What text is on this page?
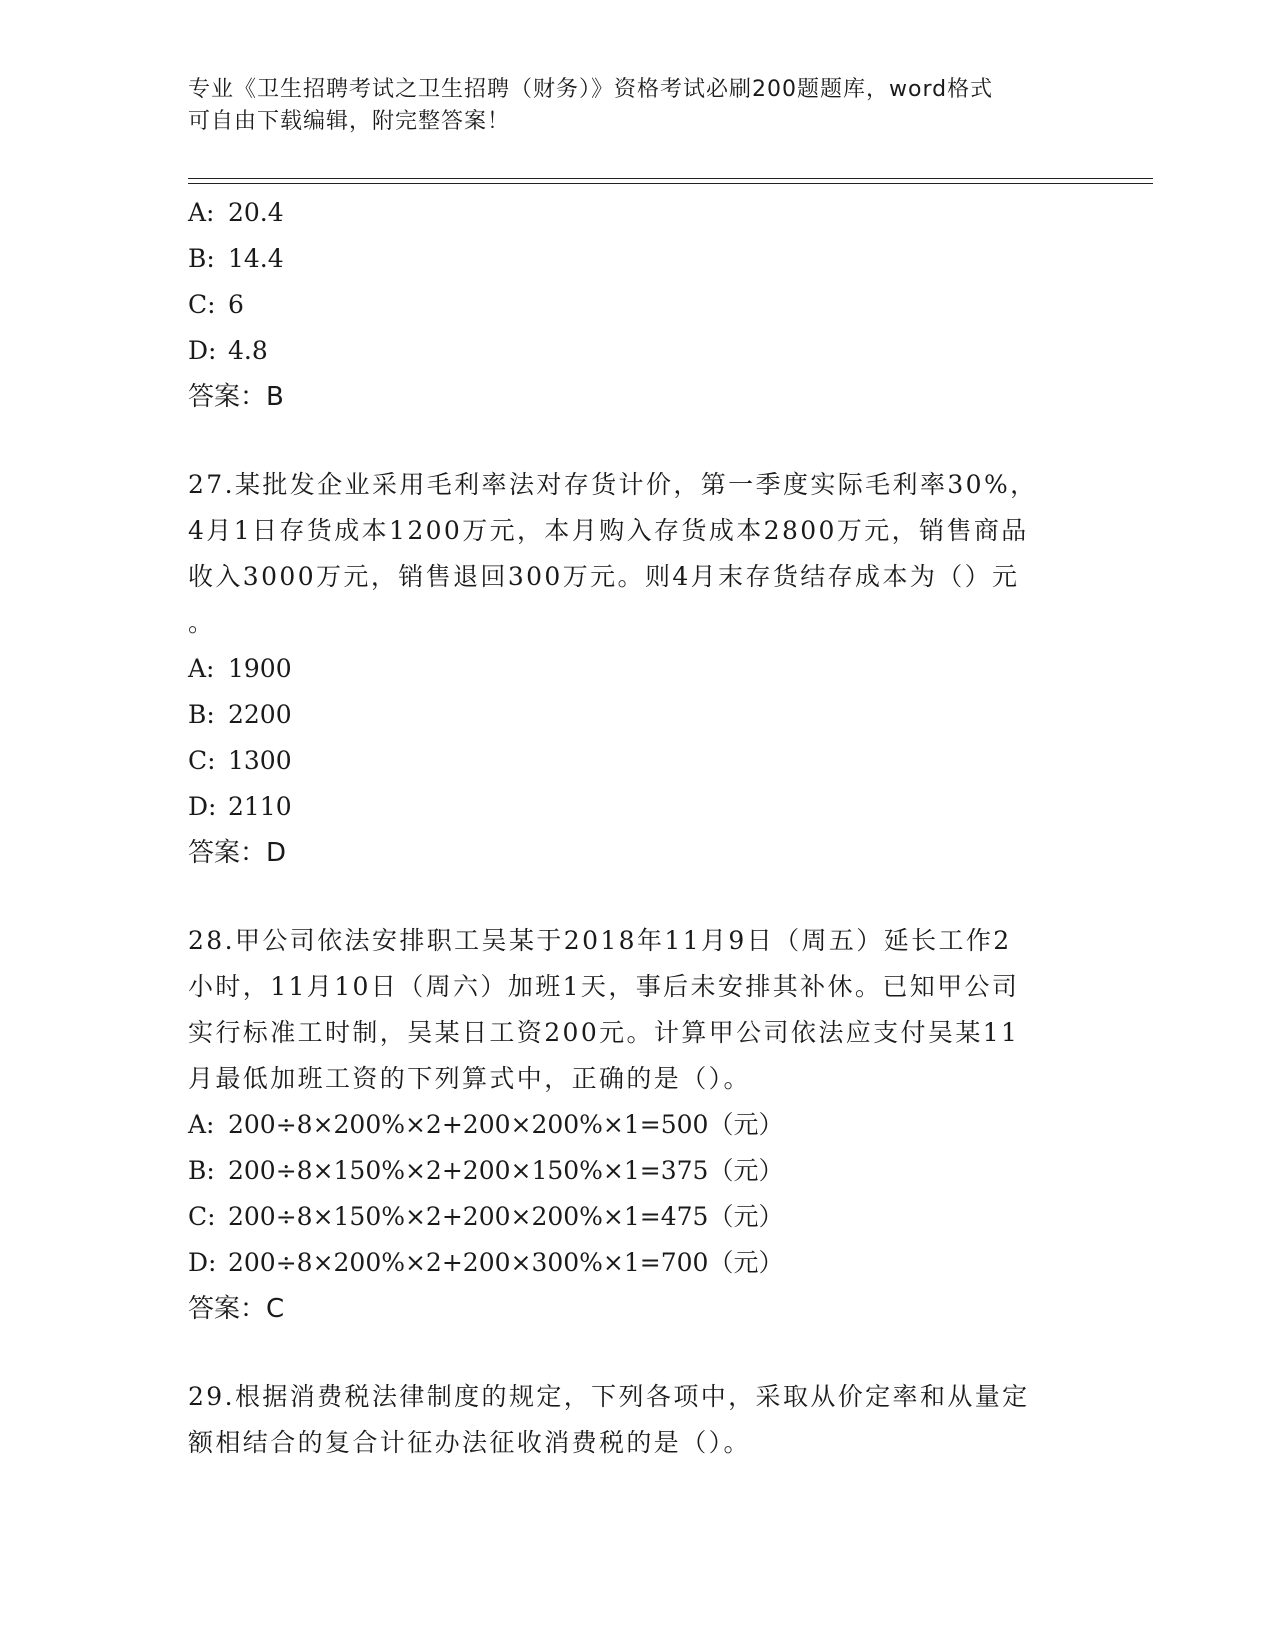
专业《卫生招聘考试之卫生招聘（财务）》资格考试必刷200题题库，word格式
可自由下载编辑，附完整答案！
A: 20.4
B: 14.4
C: 6
D: 4.8
答案：B
27.某批发企业采用毛利率法对存货计价，第一季度实际毛利率30%，
4月1日存货成本1200万元，本月购入存货成本2800万元，销售商品
收入3000万元，销售退回300万元。则4月末存货结存成本为（）元
。
A: 1900
B: 2200
C: 1300
D: 2110
答案：D
28.甲公司依法安排职工吴某于2018年11月9日（周五）延长工作2
小时，11月10日（周六）加班1天，事后未安排其补休。已知甲公司
实行标准工时制，吴某日工资200元。计算甲公司依法应支付吴某11
月最低加班工资的下列算式中，正确的是（）。
A: 200÷8×200%×2+200×200%×1=500（元）
B: 200÷8×150%×2+200×150%×1=375（元）
C: 200÷8×150%×2+200×200%×1=475（元）
D: 200÷8×200%×2+200×300%×1=700（元）
答案：C
29.根据消费税法律制度的规定，下列各项中，采取从价定率和从量定
额相结合的复合计征办法征收消费税的是（）。
